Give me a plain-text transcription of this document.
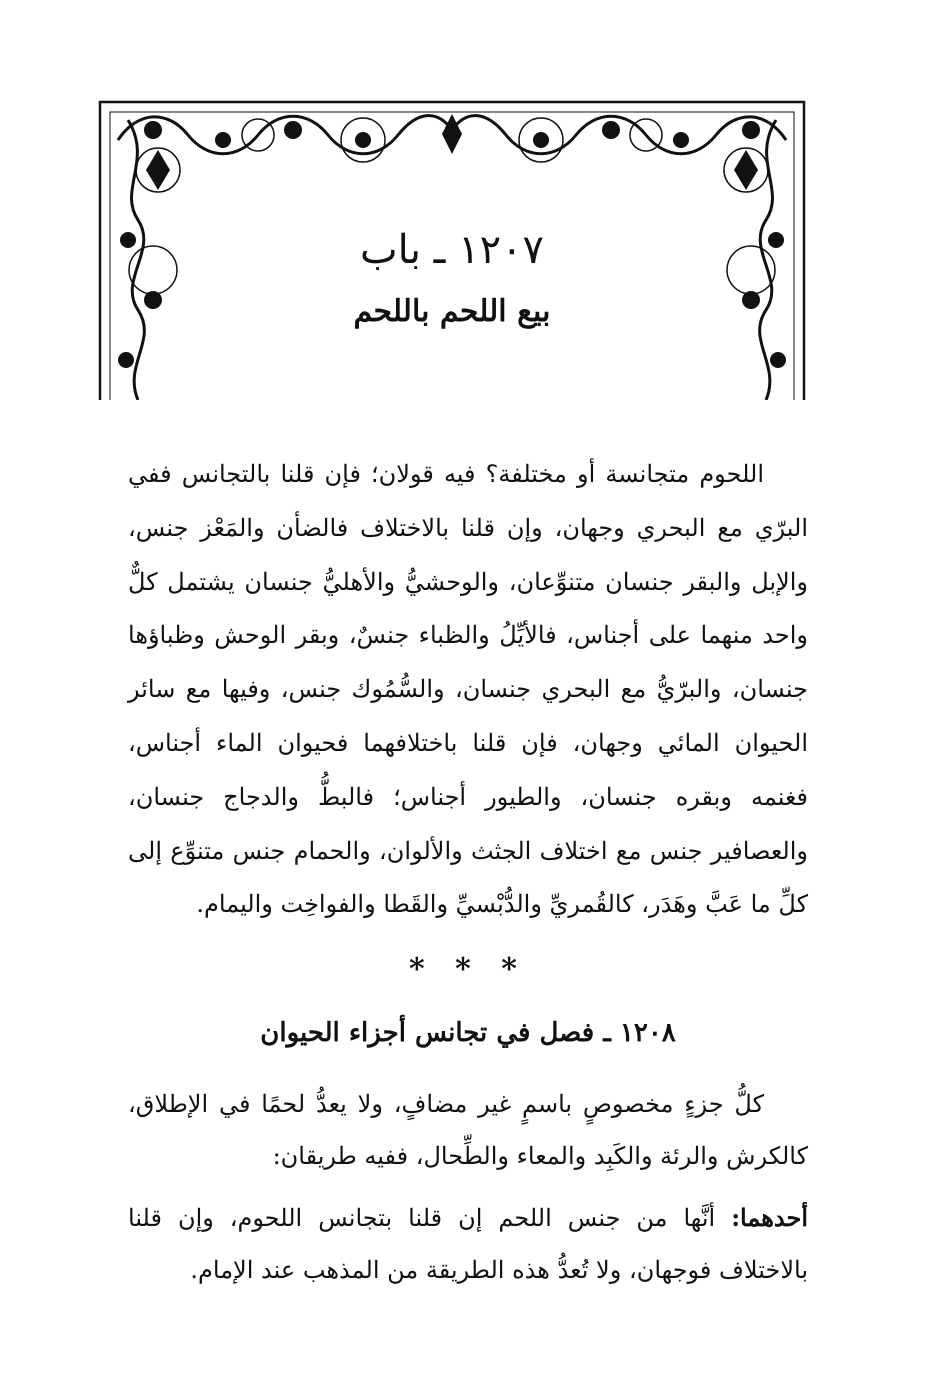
١٢٠٧ ـ باب
بيع اللحم باللحم

اللحوم متجانسة أو مختلفة؟ فيه قولان؛ فإن قلنا بالتجانس ففي البرّي مع البحري وجهان، وإن قلنا بالاختلاف فالضأن والمَعْز جنس، والإبل والبقر جنسان متنوِّعان، والوحشيُّ والأهليُّ جنسان يشتمل كلٌّ واحد منهما على أجناس، فالأيِّلُ والظباء جنسٌ، وبقر الوحش وظباؤها جنسان، والبرّيُّ مع البحري جنسان، والسُّمُوك جنس، وفيها مع سائر الحيوان المائي وجهان، فإن قلنا باختلافهما فحيوان الماء أجناس، فغنمه وبقره جنسان، والطيور أجناس؛ فالبطُّ والدجاج جنسان، والعصافير جنس مع اختلاف الجثث والألوان، والحمام جنس متنوِّع إلى كلِّ ما عَبَّ وهَدَر، كالقُمريِّ والدُّبْسيِّ والقَطا والفواخِت واليمام.

* * *
١٢٠٨ ـ فصل في تجانس أجزاء الحيوان

كلُّ جزءٍ مخصوصٍ باسمٍ غير مضافٍ، ولا يعدُّ لحمًا في الإطلاق، كالكرش والرئة والكَبِد والمعاء والطِّحال، ففيه طريقان:

أحدهما: أنَّها من جنس اللحم إن قلنا بتجانس اللحوم، وإن قلنا بالاختلاف فوجهان، ولا تُعدُّ هذه الطريقة من المذهب عند الإمام.
